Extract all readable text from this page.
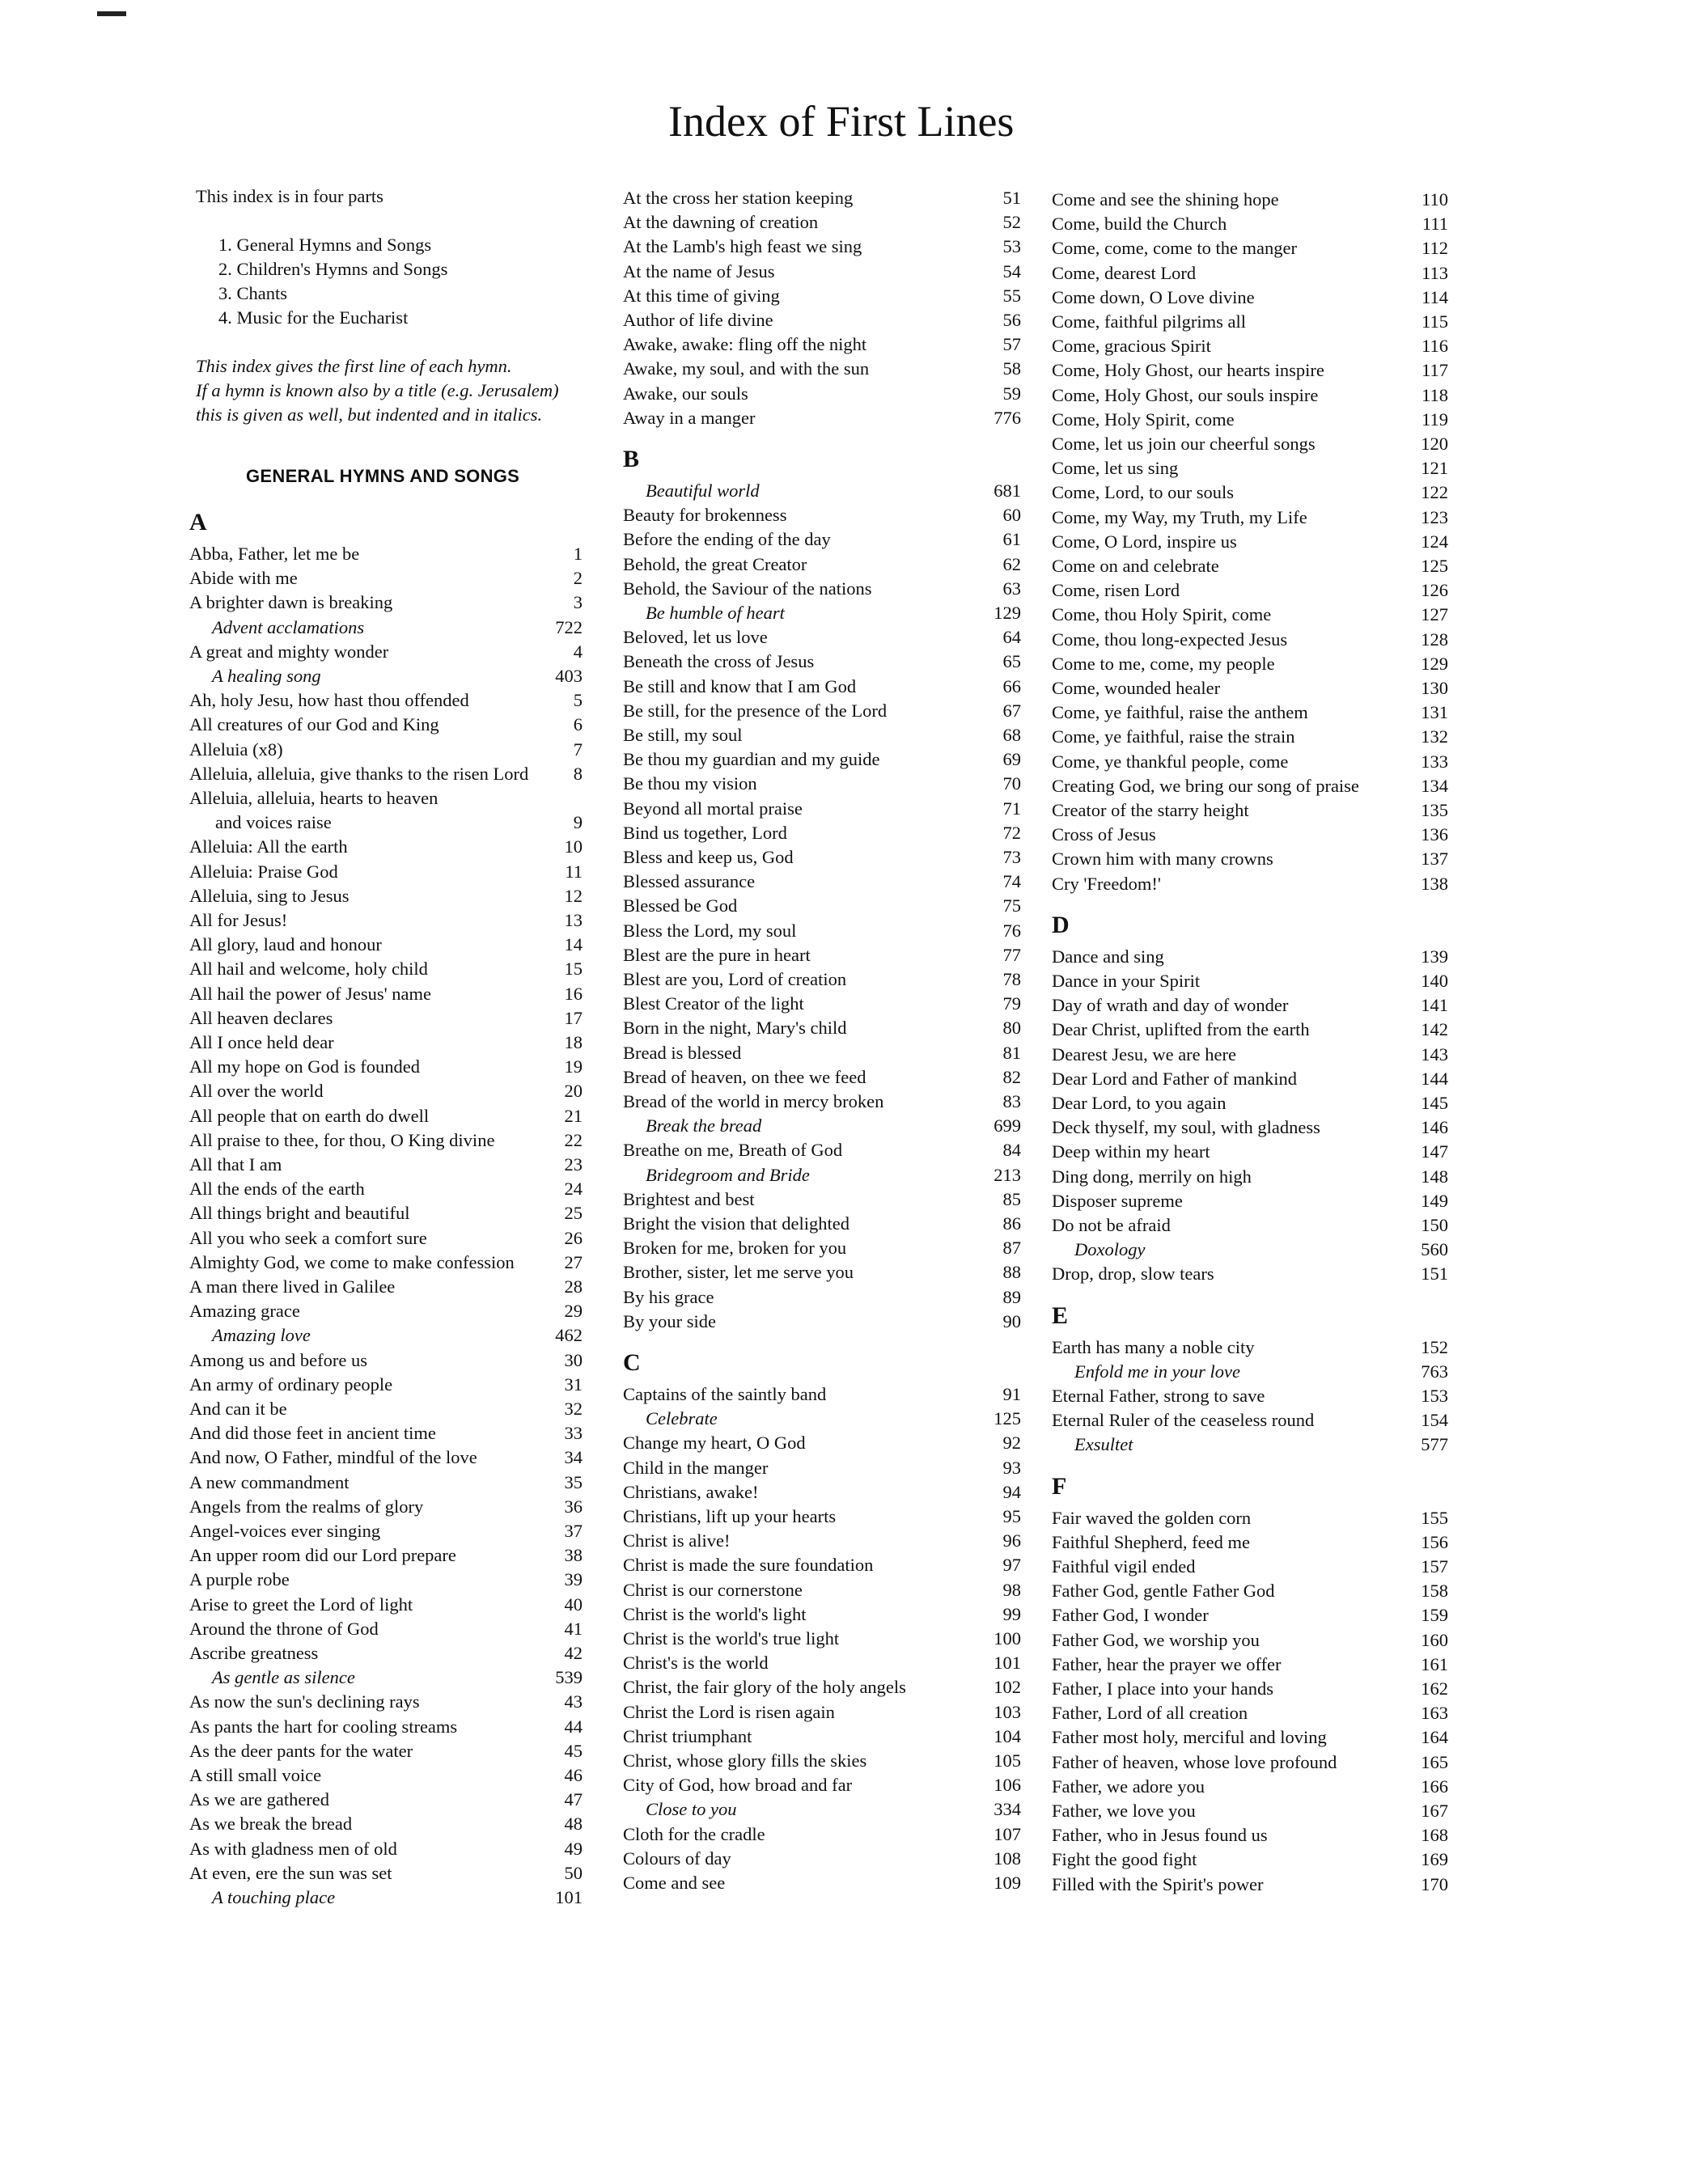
Index of First Lines
This index is in four parts
1. General Hymns and Songs
2. Children's Hymns and Songs
3. Chants
4. Music for the Eucharist
This index gives the first line of each hymn.
If a hymn is known also by a title (e.g. Jerusalem)
this is given as well, but indented and in italics.
GENERAL HYMNS AND SONGS
A
Abba, Father, let me be	1
Abide with me	2
A brighter dawn is breaking	3
Advent acclamations	722
A great and mighty wonder	4
A healing song	403
Ah, holy Jesu, how hast thou offended	5
All creatures of our God and King	6
Alleluia (x8)	7
Alleluia, alleluia, give thanks to the risen Lord 8
Alleluia, alleluia, hearts to heaven
and voices raise	9
Alleluia: All the earth	10
Alleluia: Praise God	11
Alleluia, sing to Jesus	12
All for Jesus!	13
All glory, laud and honour	14
All hail and welcome, holy child	15
All hail the power of Jesus' name	16
All heaven declares	17
All I once held dear	18
All my hope on God is founded	19
All over the world	20
All people that on earth do dwell	21
All praise to thee, for thou, O King divine	22
All that I am	23
All the ends of the earth	24
All things bright and beautiful	25
All you who seek a comfort sure	26
Almighty God, we come to make confession	27
A man there lived in Galilee	28
Amazing grace	29
Amazing love	462
Among us and before us	30
An army of ordinary people	31
And can it be	32
And did those feet in ancient time	33
And now, O Father, mindful of the love	34
A new commandment	35
Angels from the realms of glory	36
Angel-voices ever singing	37
An upper room did our Lord prepare	38
A purple robe	39
Arise to greet the Lord of light	40
Around the throne of God	41
Ascribe greatness	42
As gentle as silence	539
As now the sun's declining rays	43
As pants the hart for cooling streams	44
As the deer pants for the water	45
A still small voice	46
As we are gathered	47
As we break the bread	48
As with gladness men of old	49
At even, ere the sun was set	50
A touching place	101
At the cross her station keeping	51
At the dawning of creation	52
At the Lamb's high feast we sing	53
At the name of Jesus	54
At this time of giving	55
Author of life divine	56
Awake, awake: fling off the night	57
Awake, my soul, and with the sun	58
Awake, our souls	59
Away in a manger	776
B
Beautiful world	681
Beauty for brokenness	60
Before the ending of the day	61
Behold, the great Creator	62
Behold, the Saviour of the nations	63
Be humble of heart	129
Beloved, let us love	64
Beneath the cross of Jesus	65
Be still and know that I am God	66
Be still, for the presence of the Lord	67
Be still, my soul	68
Be thou my guardian and my guide	69
Be thou my vision	70
Beyond all mortal praise	71
Bind us together, Lord	72
Bless and keep us, God	73
Blessed assurance	74
Blessed be God	75
Bless the Lord, my soul	76
Blest are the pure in heart	77
Blest are you, Lord of creation	78
Blest Creator of the light	79
Born in the night, Mary's child	80
Bread is blessed	81
Bread of heaven, on thee we feed	82
Bread of the world in mercy broken	83
Break the bread	699
Breathe on me, Breath of God	84
Bridegroom and Bride	213
Brightest and best	85
Bright the vision that delighted	86
Broken for me, broken for you	87
Brother, sister, let me serve you	88
By his grace	89
By your side	90
C
Captains of the saintly band	91
Celebrate	125
Change my heart, O God	92
Child in the manger	93
Christians, awake!	94
Christians, lift up your hearts	95
Christ is alive!	96
Christ is made the sure foundation	97
Christ is our cornerstone	98
Christ is the world's light	99
Christ is the world's true light	100
Christ's is the world	101
Christ, the fair glory of the holy angels	102
Christ the Lord is risen again	103
Christ triumphant	104
Christ, whose glory fills the skies	105
City of God, how broad and far	106
Close to you	334
Cloth for the cradle	107
Colours of day	108
Come and see	109
Come and see the shining hope	110
Come, build the Church	111
Come, come, come to the manger	112
Come, dearest Lord	113
Come down, O Love divine	114
Come, faithful pilgrims all	115
Come, gracious Spirit	116
Come, Holy Ghost, our hearts inspire	117
Come, Holy Ghost, our souls inspire	118
Come, Holy Spirit, come	119
Come, let us join our cheerful songs	120
Come, let us sing	121
Come, Lord, to our souls	122
Come, my Way, my Truth, my Life	123
Come, O Lord, inspire us	124
Come on and celebrate	125
Come, risen Lord	126
Come, thou Holy Spirit, come	127
Come, thou long-expected Jesus	128
Come to me, come, my people	129
Come, wounded healer	130
Come, ye faithful, raise the anthem	131
Come, ye faithful, raise the strain	132
Come, ye thankful people, come	133
Creating God, we bring our song of praise	134
Creator of the starry height	135
Cross of Jesus	136
Crown him with many crowns	137
Cry 'Freedom!'	138
D
Dance and sing	139
Dance in your Spirit	140
Day of wrath and day of wonder	141
Dear Christ, uplifted from the earth	142
Dearest Jesu, we are here	143
Dear Lord and Father of mankind	144
Dear Lord, to you again	145
Deck thyself, my soul, with gladness	146
Deep within my heart	147
Ding dong, merrily on high	148
Disposer supreme	149
Do not be afraid	150
Doxology	560
Drop, drop, slow tears	151
E
Earth has many a noble city	152
Enfold me in your love	763
Eternal Father, strong to save	153
Eternal Ruler of the ceaseless round	154
Exsultet	577
F
Fair waved the golden corn	155
Faithful Shepherd, feed me	156
Faithful vigil ended	157
Father God, gentle Father God	158
Father God, I wonder	159
Father God, we worship you	160
Father, hear the prayer we offer	161
Father, I place into your hands	162
Father, Lord of all creation	163
Father most holy, merciful and loving	164
Father of heaven, whose love profound	165
Father, we adore you	166
Father, we love you	167
Father, who in Jesus found us	168
Fight the good fight	169
Filled with the Spirit's power	170
